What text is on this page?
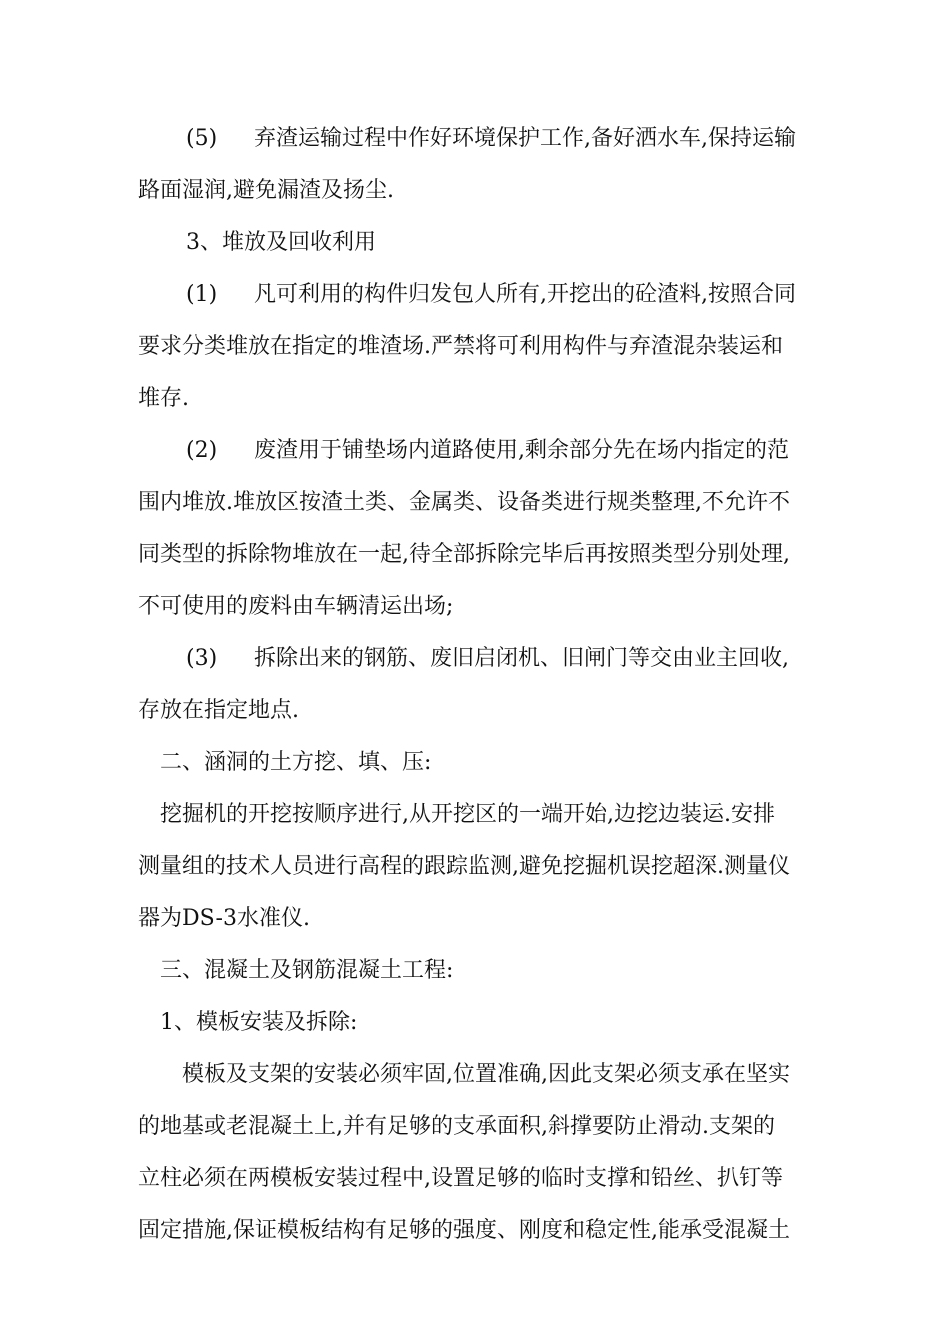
(5) 弃渣运输过程中作好环境保护工作,备好洒水车,保持运输
路面湿润,避免漏渣及扬尘.
3、堆放及回收利用
(1) 凡可利用的构件归发包人所有,开挖出的砼渣料,按照合同
要求分类堆放在指定的堆渣场.严禁将可利用构件与弃渣混杂装运和
堆存.
(2) 废渣用于铺垫场内道路使用,剩余部分先在场内指定的范
围内堆放.堆放区按渣土类、金属类、设备类进行规类整理,不允许不
同类型的拆除物堆放在一起,待全部拆除完毕后再按照类型分别处理,
不可使用的废料由车辆清运出场;
(3) 拆除出来的钢筋、废旧启闭机、旧闸门等交由业主回收,
存放在指定地点.
二、涵洞的土方挖、填、压:
挖掘机的开挖按顺序进行,从开挖区的一端开始,边挖边装运.安排
测量组的技术人员进行高程的跟踪监测,避免挖掘机误挖超深.测量仪
器为DS-3水准仪.
三、混凝土及钢筋混凝土工程:
1、模板安装及拆除:
模板及支架的安装必须牢固,位置准确,因此支架必须支承在坚实
的地基或老混凝土上,并有足够的支承面积,斜撑要防止滑动.支架的
立柱必须在两模板安装过程中,设置足够的临时支撑和铅丝、扒钉等
固定措施,保证模板结构有足够的强度、刚度和稳定性,能承受混凝土
